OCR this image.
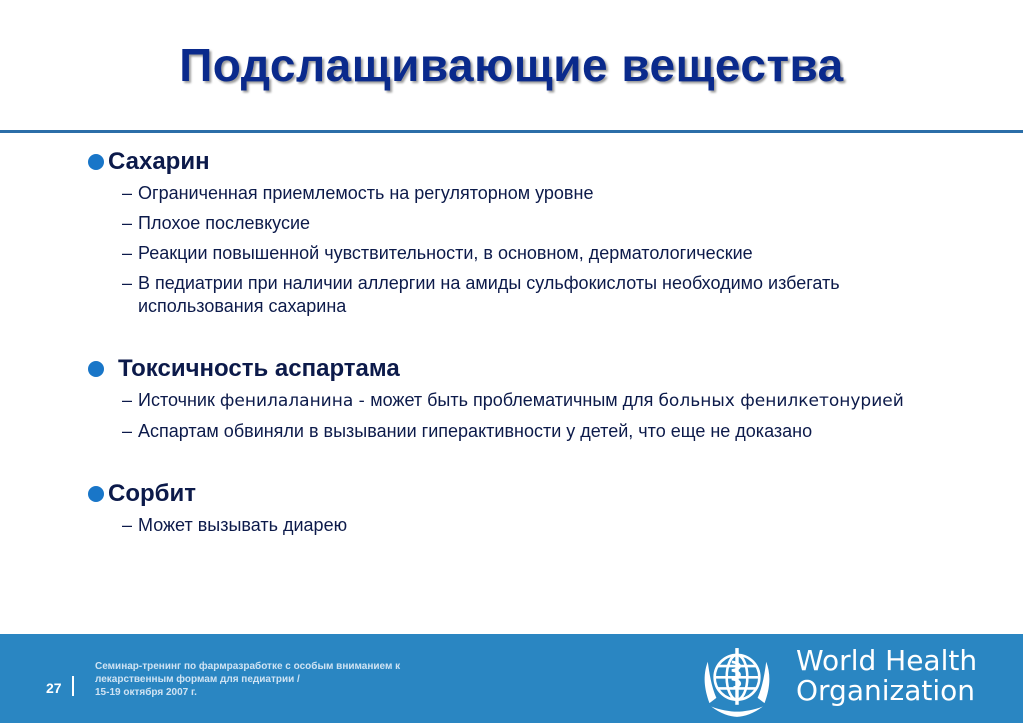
Подслащивающие вещества
Сахарин
– Ограниченная приемлемость на регуляторном уровне
– Плохое послевкусие
– Реакции повышенной чувствительности, в основном, дерматологические
– В педиатрии при наличии аллергии на амиды сульфокислоты необходимо избегать использования сахарина
Токсичность аспартама
– Источник фенилаланина - может быть проблематичным для больных фенилкетонурией
– Аспартам обвиняли в вызывании гиперактивности у детей, что еще не доказано
Сорбит
– Может вызывать диарею
27
Семинар-тренинг по фармразработке с особым вниманием к
лекарственным формам для педиатрии /
15-19 октября 2007 г.
World Health
Organization
